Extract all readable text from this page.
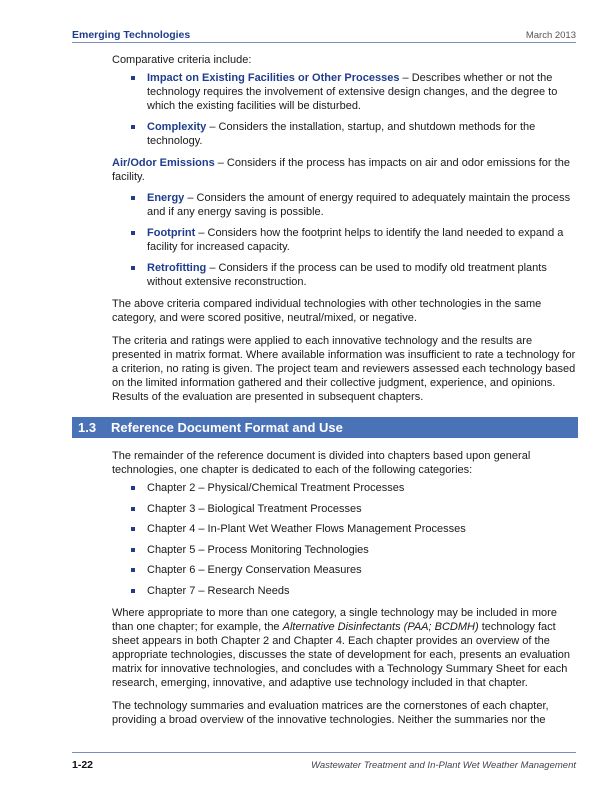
Emerging Technologies	March 2013

Comparative criteria include:

Impact on Existing Facilities or Other Processes – Describes whether or not the technology requires the involvement of extensive design changes, and the degree to which the existing facilities will be disturbed.
Complexity – Considers the installation, startup, and shutdown methods for the technology.

Air/Odor Emissions – Considers if the process has impacts on air and odor emissions for the facility.

Energy – Considers the amount of energy required to adequately maintain the process and if any energy saving is possible.
Footprint – Considers how the footprint helps to identify the land needed to expand a facility for increased capacity.
Retrofitting – Considers if the process can be used to modify old treatment plants without extensive reconstruction.

The above criteria compared individual technologies with other technologies in the same category, and were scored positive, neutral/mixed, or negative.

The criteria and ratings were applied to each innovative technology and the results are presented in matrix format. Where available information was insufficient to rate a technology for a criterion, no rating is given. The project team and reviewers assessed each technology based on the limited information gathered and their collective judgment, experience, and opinions. Results of the evaluation are presented in subsequent chapters.

1.3 Reference Document Format and Use

The remainder of the reference document is divided into chapters based upon general technologies, one chapter is dedicated to each of the following categories:

Chapter 2 – Physical/Chemical Treatment Processes
Chapter 3 – Biological Treatment Processes
Chapter 4 – In-Plant Wet Weather Flows Management Processes
Chapter 5 – Process Monitoring Technologies
Chapter 6 – Energy Conservation Measures
Chapter 7 – Research Needs

Where appropriate to more than one category, a single technology may be included in more than one chapter; for example, the Alternative Disinfectants (PAA; BCDMH) technology fact sheet appears in both Chapter 2 and Chapter 4. Each chapter provides an overview of the appropriate technologies, discusses the state of development for each, presents an evaluation matrix for innovative technologies, and concludes with a Technology Summary Sheet for each research, emerging, innovative, and adaptive use technology included in that chapter.

The technology summaries and evaluation matrices are the cornerstones of each chapter, providing a broad overview of the innovative technologies. Neither the summaries nor the

1-22	Wastewater Treatment and In-Plant Wet Weather Management
